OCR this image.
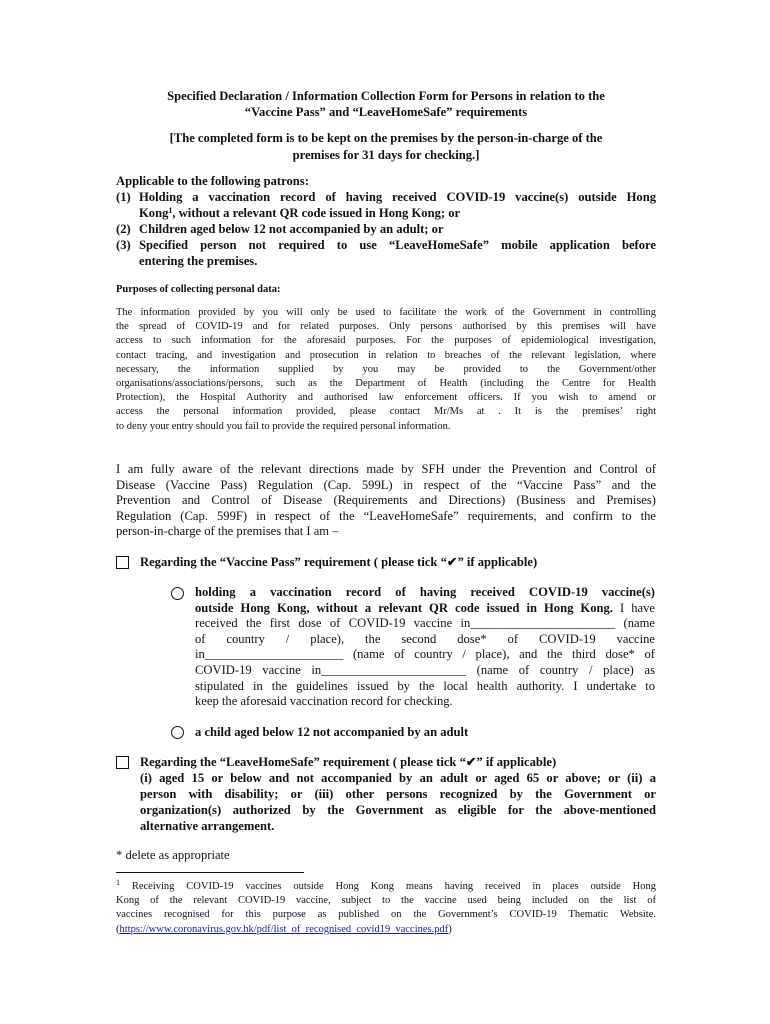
Specified Declaration / Information Collection Form for Persons in relation to the
“Vaccine Pass” and “LeaveHomeSafe” requirements
[The completed form is to be kept on the premises by the person-in-charge of the
premises for 31 days for checking.]
Applicable to the following patrons:
(1) Holding a vaccination record of having received COVID-19 vaccine(s) outside Hong
Kong$^1$, without a relevant QR code issued in Hong Kong; or
(2) Children aged below 12 not accompanied by an adult; or
(3) Specified person not required to use “LeaveHomeSafe” mobile application before
entering the premises.
Purposes of collecting personal data:
The information provided by you will only be used to facilitate the work of the Government in controlling
the spread of COVID-19 and for related purposes. Only persons authorised by this premises will have
access to such information for the aforesaid purposes. For the purposes of epidemiological investigation,
contact tracing, and investigation and prosecution in relation to breaches of the relevant legislation, where
necessary, the information supplied by you may be provided to the Government/other
organisations/associations/persons, such as the Department of Health (including the Centre for Health
Protection), the Hospital Authority and authorised law enforcement officers. If you wish to amend or
access the personal information provided, please contact Mr/Ms at . It is the premises’ right
to deny your entry should you fail to provide the required personal information.
I am fully aware of the relevant directions made by SFH under the Prevention and Control of
Disease (Vaccine Pass) Regulation (Cap. 599L) in respect of the “Vaccine Pass” and the
Prevention and Control of Disease (Requirements and Directions) (Business and Premises)
Regulation (Cap. 599F) in respect of the “LeaveHomeSafe” requirements, and confirm to the
person-in-charge of the premises that I am –
Regarding the “Vaccine Pass” requirement ( please tick “✔” if applicable)
holding a vaccination record of having received COVID-19 vaccine(s)
outside Hong Kong, without a relevant QR code issued in Hong Kong. I have
received the first dose of COVID-19 vaccine in_______________________ (name
of country / place), the second dose* of COVID-19 vaccine
in______________________ (name of country / place), and the third dose* of
COVID-19 vaccine in_______________________ (name of country / place) as
stipulated in the guidelines issued by the local health authority. I undertake to
keep the aforesaid vaccination record for checking.
a child aged below 12 not accompanied by an adult
Regarding the “LeaveHomeSafe” requirement ( please tick “✔” if applicable)
(i) aged 15 or below and not accompanied by an adult or aged 65 or above; or (ii) a
person with disability; or (iii) other persons recognized by the Government or
organization(s) authorized by the Government as eligible for the above-mentioned
alternative arrangement.
* delete as appropriate
$^1$ Receiving COVID-19 vaccines outside Hong Kong means having received in places outside Hong
Kong of the relevant COVID-19 vaccine, subject to the vaccine used being included on the list of
vaccines recognised for this purpose as published on the Government’s COVID-19 Thematic Website.
(https://www.coronavirus.gov.hk/pdf/list_of_recognised_covid19_vaccines.pdf)
